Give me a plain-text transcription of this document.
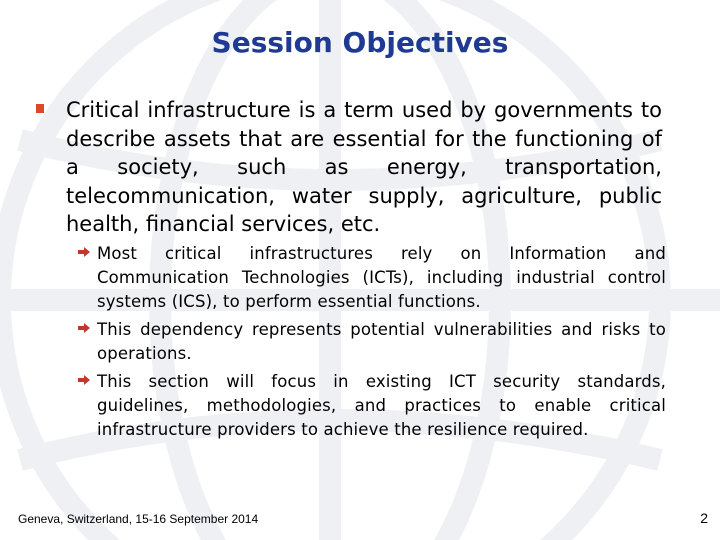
Session Objectives
Critical infrastructure is a term used by governments to describe assets that are essential for the functioning of a society, such as energy, transportation, telecommunication, water supply, agriculture, public health, financial services, etc.
Most critical infrastructures rely on Information and Communication Technologies (ICTs), including industrial control systems (ICS), to perform essential functions.
This dependency represents potential vulnerabilities and risks to operations.
This section will focus in existing ICT security standards, guidelines, methodologies, and practices to enable critical infrastructure providers to achieve the resilience required.
Geneva, Switzerland, 15-16 September 2014	2
